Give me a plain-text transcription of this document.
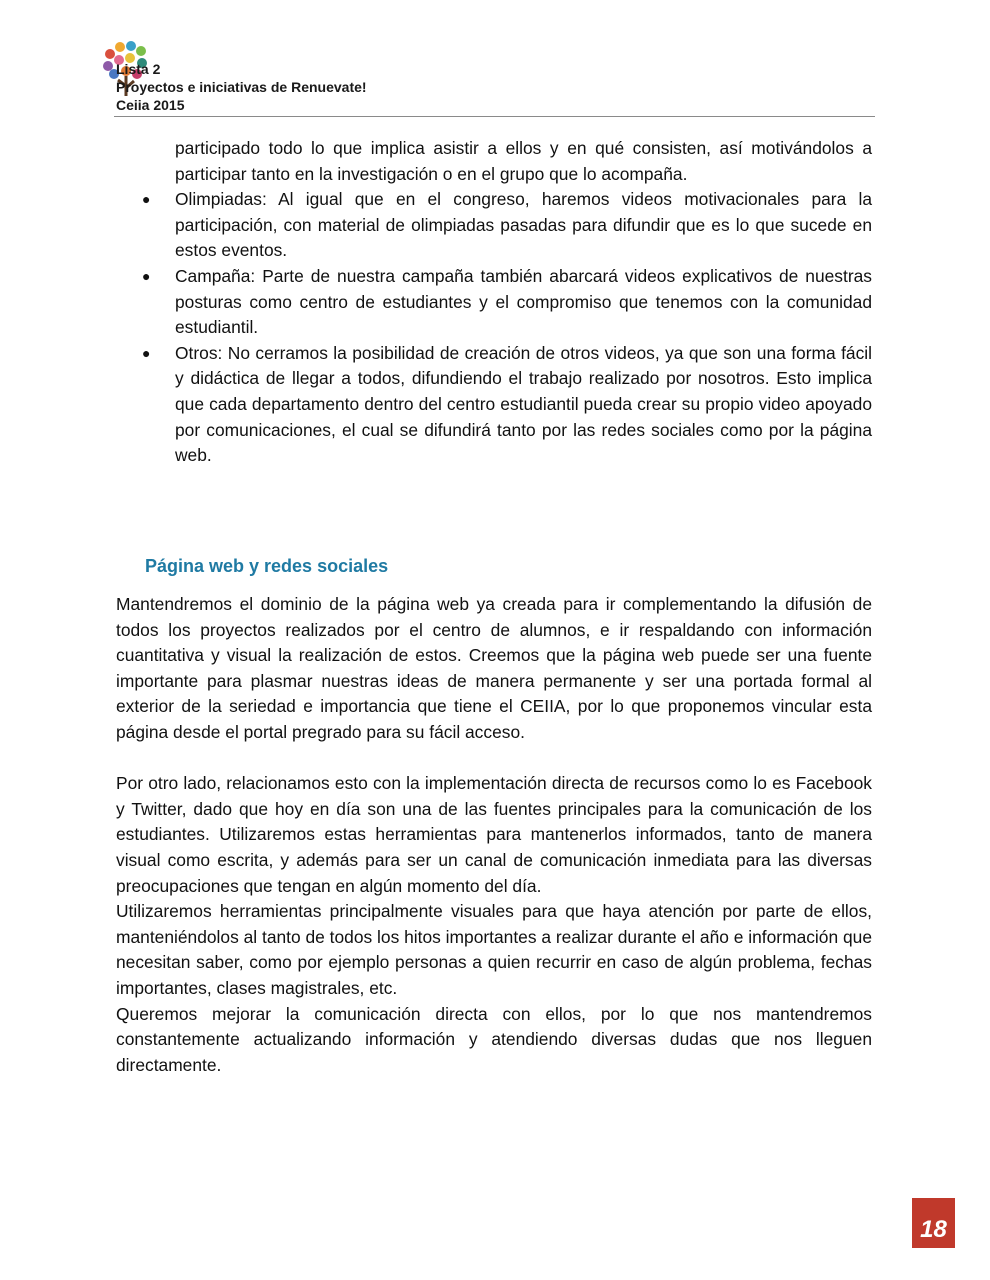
Lista 2
Proyectos e iniciativas de Renuevate!
Ceiia 2015
participado todo lo que implica asistir a ellos y en qué consisten, así motivándolos a participar tanto en la investigación o en el grupo que lo acompaña.
● Olimpiadas: Al igual que en el congreso, haremos videos motivacionales para la participación, con material de olimpiadas pasadas para difundir que es lo que sucede en estos eventos.
● Campaña: Parte de nuestra campaña también abarcará videos explicativos de nuestras posturas como centro de estudiantes y el compromiso que tenemos con la comunidad estudiantil.
● Otros: No cerramos la posibilidad de creación de otros videos, ya que son una forma fácil y didáctica de llegar a todos, difundiendo el trabajo realizado por nosotros. Esto implica que cada departamento dentro del centro estudiantil pueda crear su propio video apoyado por comunicaciones, el cual se difundirá tanto por las redes sociales como por la página web.
Página web y redes sociales

Mantendremos el dominio de la página web ya creada para ir complementando la difusión de todos los proyectos realizados por el centro de alumnos, e ir respaldando con información cuantitativa y visual la realización de estos. Creemos que la página web puede ser una fuente importante para plasmar nuestras ideas de manera permanente y ser una portada formal al exterior de la seriedad e importancia que tiene el CEIIA, por lo que proponemos vincular esta página desde el portal pregrado para su fácil acceso.

Por otro lado, relacionamos esto con la implementación directa de recursos como lo es Facebook y Twitter, dado que hoy en día son una de las fuentes principales para la comunicación de los estudiantes. Utilizaremos estas herramientas para mantenerlos informados, tanto de manera visual como escrita, y además para ser un canal de comunicación inmediata para las diversas preocupaciones que tengan en algún momento del día.

Utilizaremos herramientas principalmente visuales para que haya atención por parte de ellos, manteniéndolos al tanto de todos los hitos importantes a realizar durante el año e información que necesitan saber, como por ejemplo personas a quien recurrir en caso de algún problema, fechas importantes, clases magistrales, etc.

Queremos mejorar la comunicación directa con ellos, por lo que nos mantendremos constantemente actualizando información y atendiendo diversas dudas que nos lleguen directamente.

18
